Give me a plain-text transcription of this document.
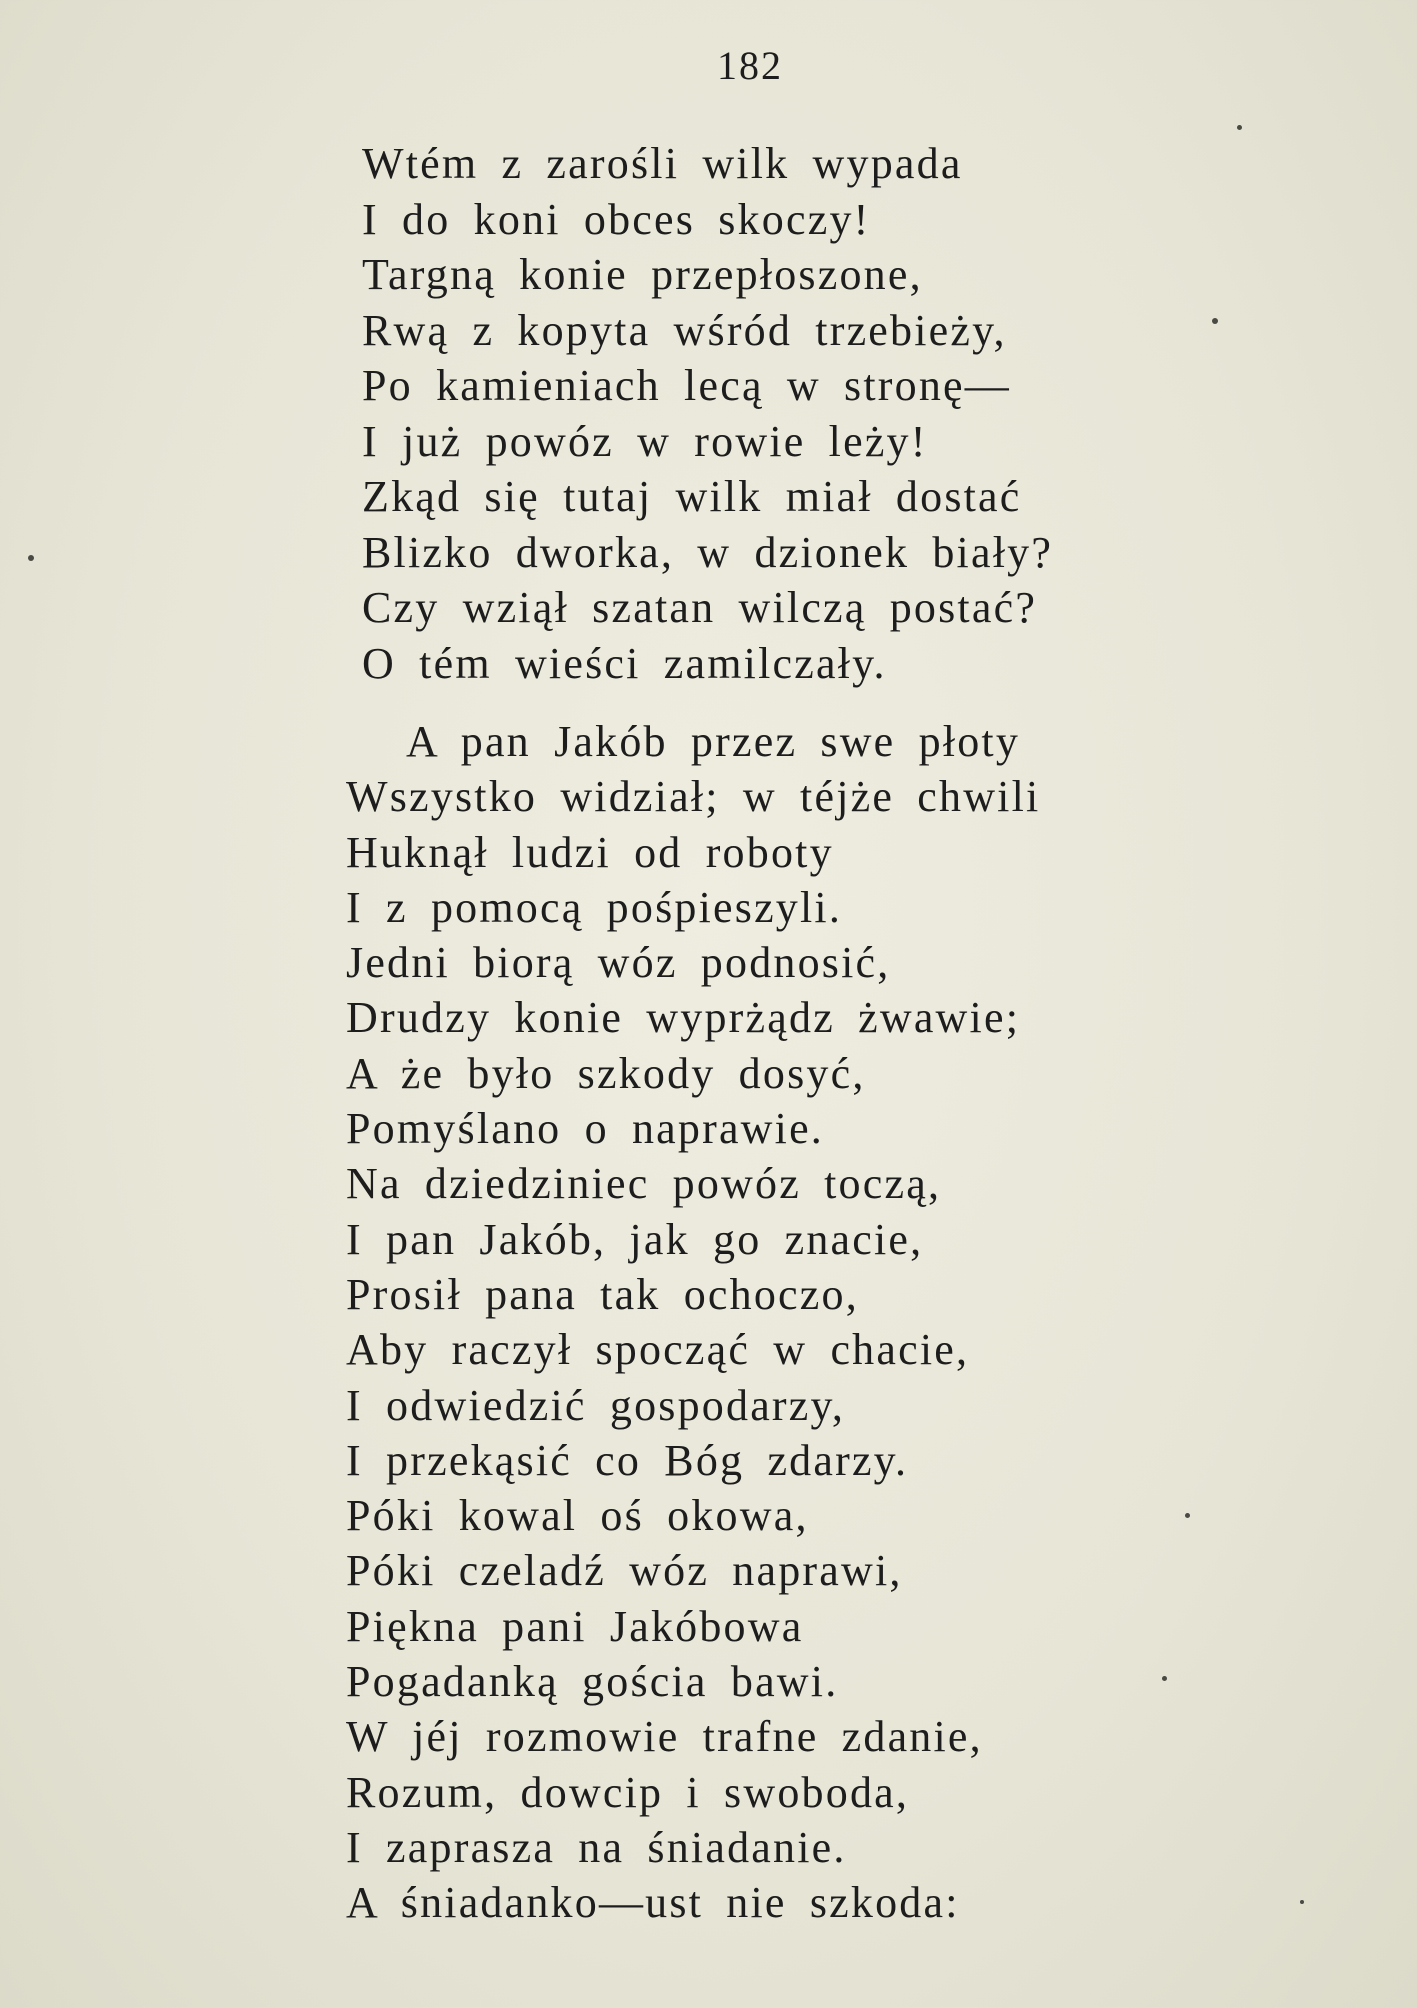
182
Wtém z zarośli wilk wypada
I do koni obces skoczy!
Targną konie przepłoszone,
Rwą z kopyta wśród trzebieży,
Po kamieniach lecą w stronę—
I już powóz w rowie leży!
Zkąd się tutaj wilk miał dostać
Blizko dworka, w dzionek biały?
Czy wziął szatan wilczą postać?
O tém wieści zamilczały.
A pan Jakób przez swe płoty
Wszystko widział; w téjże chwili
Huknął ludzi od roboty
I z pomocą pośpieszyli.
Jedni biorą wóz podnosić,
Drudzy konie wyprżądz żwawie;
A że było szkody dosyć,
Pomyślano o naprawie.
Na dziedziniec powóz toczą,
I pan Jakób, jak go znacie,
Prosił pana tak ochoczo,
Aby raczył spocząć w chacie,
I odwiedzić gospodarzy,
I przekąsić co Bóg zdarzy.
Póki kowal oś okowa,
Póki czeladź wóz naprawi,
Piękna pani Jakóbowa
Pogadanką gościa bawi.
W jéj rozmowie trafne zdanie,
Rozum, dowcip i swoboda,
I zaprasza na śniadanie.
A śniadanko—ust nie szkoda:
